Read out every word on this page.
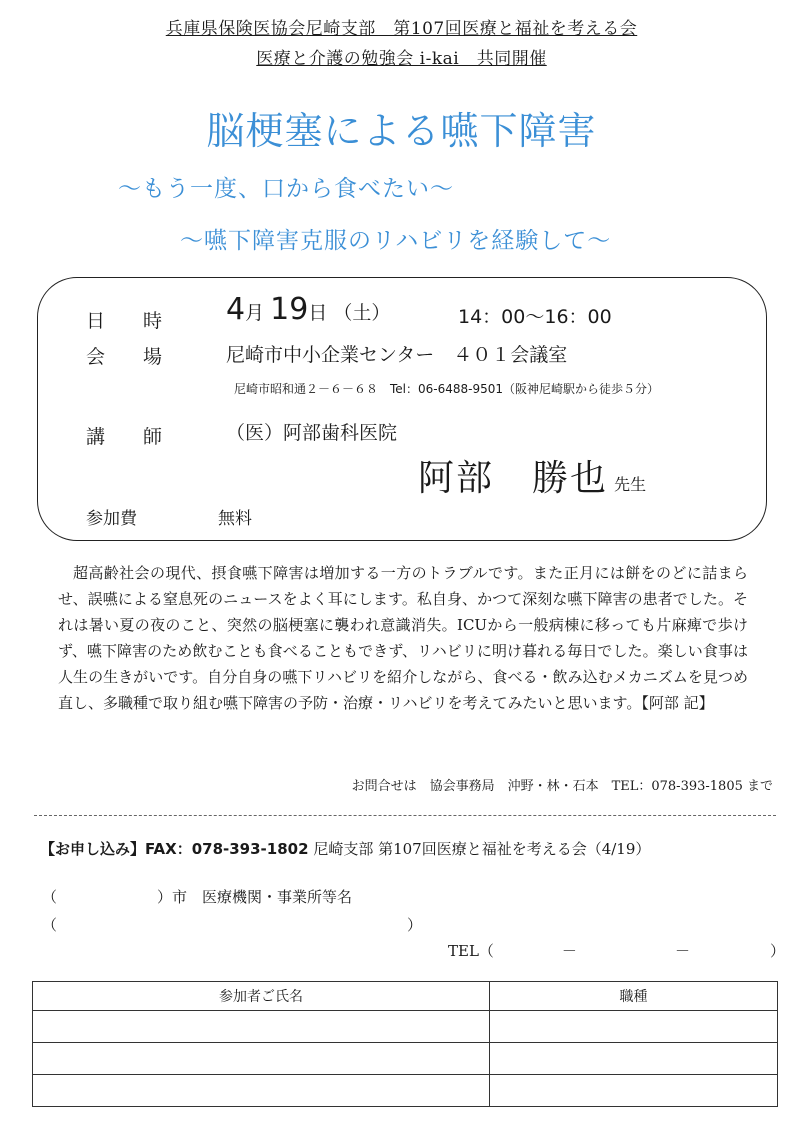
兵庫県保険医協会尼崎支部　第107回医療と福祉を考える会
医療と介護の勉強会 i-kai　共同開催
脳梗塞による嚥下障害
～もう一度、口から食べたい～
～嚥下障害克服のリハビリを経験して～
日　　時 4月 19日 （土）	14：00～16：00
会　　場	尼崎市中小企業センター　４０１会議室
尼崎市昭和通２－６－６８　Tel：06-6488-9501（阪神尼崎駅から徒歩５分）
講　　師	（医）阿部歯科医院
阿部　勝也 先生
参加費	無料
超高齢社会の現代、摂食嚥下障害は増加する一方のトラブルです。また正月には餅をのどに詰まらせ、誤嚥による窒息死のニュースをよく耳にします。私自身、かつて深刻な嚥下障害の患者でした。それは暑い夏の夜のこと、突然の脳梗塞に襲われ意識消失。ICUから一般病棟に移っても片麻痺で歩けず、嚥下障害のため飲むことも食べることもできず、リハビリに明け暮れる毎日でした。楽しい食事は人生の生きがいです。自分自身の嚥下リハビリを紹介しながら、食べる・飲み込むメカニズムを見つめ直し、多職種で取り組む嚥下障害の予防・治療・リハビリを考えてみたいと思います。【阿部 記】
お問合せは　協会事務局　沖野・林・石本　TEL：078-393-1805 まで
【お申し込み】FAX：078-393-1802 尼崎支部 第107回医療と福祉を考える会（4/19）
（	）市　医療機関・事業所等名
（	）
TEL（	－	－	）
参加者ご氏名	職種
